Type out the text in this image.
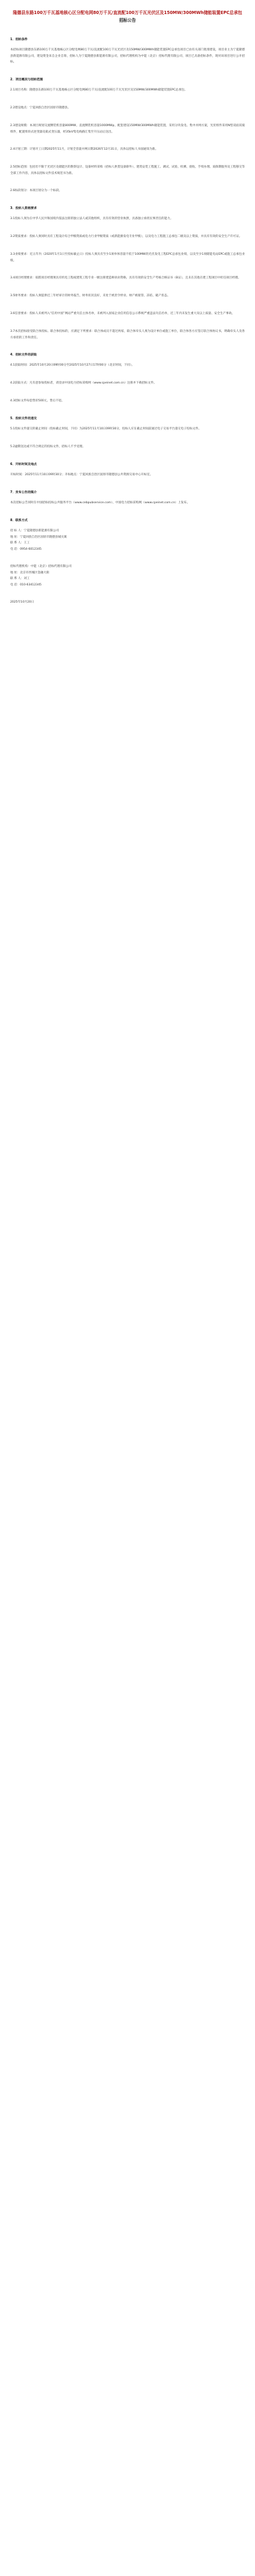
隆德县东路100万千瓦基地核心区分配电网80万千瓦/直流配100万千瓦光伏区及150MW/300MWh储能装置EPC总承包
招标公告
1．招标条件
本招标项目隆德县东路100万千瓦基地核心区分配电网80万千瓦/直流配100万千瓦光伏区及150MW/300MWh储能装置EPC总承包项目已由有关部门批准建设，项目业主为宁夏隆德县新能源有限公司，建设资金来自企业自筹，招标人为宁夏隆德县新能源有限公司，招标代理机构为中能（北京）招标代理有限公司，项目已具备招标条件，现对该项目进行公开招标。
2．项目概况与招标范围
2.1项目名称：隆德县东路100万千瓦基地核心区分配电网80万千瓦/直流配100万千瓦光伏区及150MW/300MWh储能装置EPC总承包。
2.2建设地点：宁夏回族自治区固原市隆德县。
2.3建设规模：本项目规划交流侧装机容量800MW，直流侧装机容量1000MWp，配套建设150MW/300MWh储能装置，采用分块发电、集中并网方案，光伏组件采用N型双面双玻组件，配置组串式逆变器及箱式变压器，经35kV集电线路汇集至升压站后送出。
2.4计划工期：计划开工日期2025年11月，计划全容量并网日期2026年12月31日，具体以招标人书面通知为准。
2.5招标范围：包括但不限于光伏区及储能区的勘察设计、设备材料采购（招标人供货设备除外）、建筑安装工程施工、调试、试验、检测、验收、手续办理、质保期服务及工程移交等全部工作内容，具体以招标文件技术规范书为准。
2.6标段划分：本项目划分为一个标段。
3．投标人资格要求
3.1投标人须为在中华人民共和国境内依法注册的独立法人或其他组织，具有有效的营业执照，具备独立承担民事责任的能力。
3.2资质要求：投标人须同时具有工程设计综合甲级资质或电力行业甲级资质（或新能源发电专业甲级），以及电力工程施工总承包二级及以上资质，并具有有效的安全生产许可证。
3.3业绩要求：近五年内（2020年1月1日至投标截止日）投标人须具有至少1项单体容量不低于100MW的光伏发电工程EPC总承包业绩，以及至少1项储能电站EPC或施工总承包业绩。
3.4项目经理要求：拟派项目经理须具有机电工程或建筑工程专业一级注册建造师执业资格，具有有效的安全生产考核合格证书（B证），且未在其他在建工程项目中担任项目经理。
3.5财务要求：投标人须提供近三年经审计的财务报告，财务状况良好，未处于被责令停业、财产被接管、冻结、破产状态。
3.6信誉要求：投标人未被列入“信用中国”网站严重失信主体名单，未被列入国家企业信用信息公示系统严重违法失信名单，近三年内未发生重大及以上质量、安全生产事故。
3.7本次招标接受联合体投标。联合体投标的，应满足下列要求：联合体成员不超过两家，联合体牵头人须为设计单位或施工单位，联合体各方应签订联合体协议书，明确牵头人及各方承担的工作和责任。
4．招标文件的获取
4.1获取时间：2025年10月20日09时00分至2025年10月27日17时00分（北京时间，下同）。
4.2获取方式：凡有意参加投标者，请登录中国电力招标采购网（www.cpeinet.com.cn）注册并下载招标文件。
4.3招标文件每套售价500元，售后不退。
5．投标文件的递交
5.1投标文件递交的截止时间（投标截止时间，下同）为2025年11月10日09时30分，投标人应在截止时间前通过电子交易平台递交电子投标文件。
5.2逾期送达或不符合规定的投标文件，招标人不予受理。
6．开标时间及地点
开标时间：2025年11月10日09时30分；开标地点：宁夏回族自治区固原市隆德县公共资源交易中心开标室。
7．发布公告的媒介
本次招标公告同时在中国招标投标公共服务平台（www.cebpubservice.com）、中国电力招标采购网（www.cpeinet.com.cn）上发布。
8．联系方式
招 标 人：宁夏隆德县新能源有限公司
地 址：宁夏回族自治区固原市隆德县城关镇
联 系 人：王工
电 话：0954-6012345
招标代理机构：中能（北京）招标代理有限公司
地 址：北京市西城区金融大街
联 系 人：刘工
电 话：010-63412345
2025年10月20日
